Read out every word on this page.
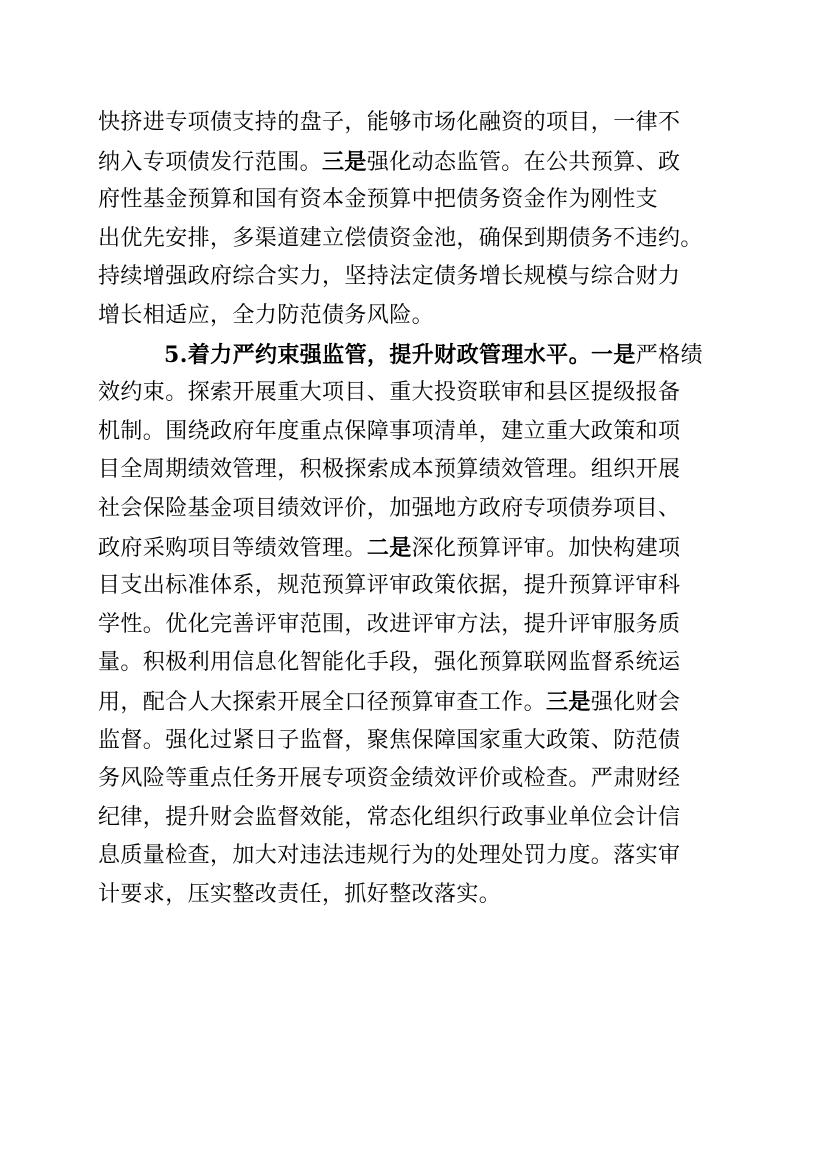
快挤进专项债支持的盘子，能够市场化融资的项目，一律不
纳入专项债发行范围。三是强化动态监管。在公共预算、政
府性基金预算和国有资本金预算中把债务资金作为刚性支
出优先安排，多渠道建立偿债资金池，确保到期债务不违约。
持续增强政府综合实力，坚持法定债务增长规模与综合财力
增长相适应，全力防范债务风险。
5.着力严约束强监管，提升财政管理水平。一是严格绩
效约束。探索开展重大项目、重大投资联审和县区提级报备
机制。围绕政府年度重点保障事项清单，建立重大政策和项
目全周期绩效管理，积极探索成本预算绩效管理。组织开展
社会保险基金项目绩效评价，加强地方政府专项债券项目、
政府采购项目等绩效管理。二是深化预算评审。加快构建项
目支出标准体系，规范预算评审政策依据，提升预算评审科
学性。优化完善评审范围，改进评审方法，提升评审服务质
量。积极利用信息化智能化手段，强化预算联网监督系统运
用，配合人大探索开展全口径预算审查工作。三是强化财会
监督。强化过紧日子监督，聚焦保障国家重大政策、防范债
务风险等重点任务开展专项资金绩效评价或检查。严肃财经
纪律，提升财会监督效能，常态化组织行政事业单位会计信
息质量检查，加大对违法违规行为的处理处罚力度。落实审
计要求，压实整改责任，抓好整改落实。
